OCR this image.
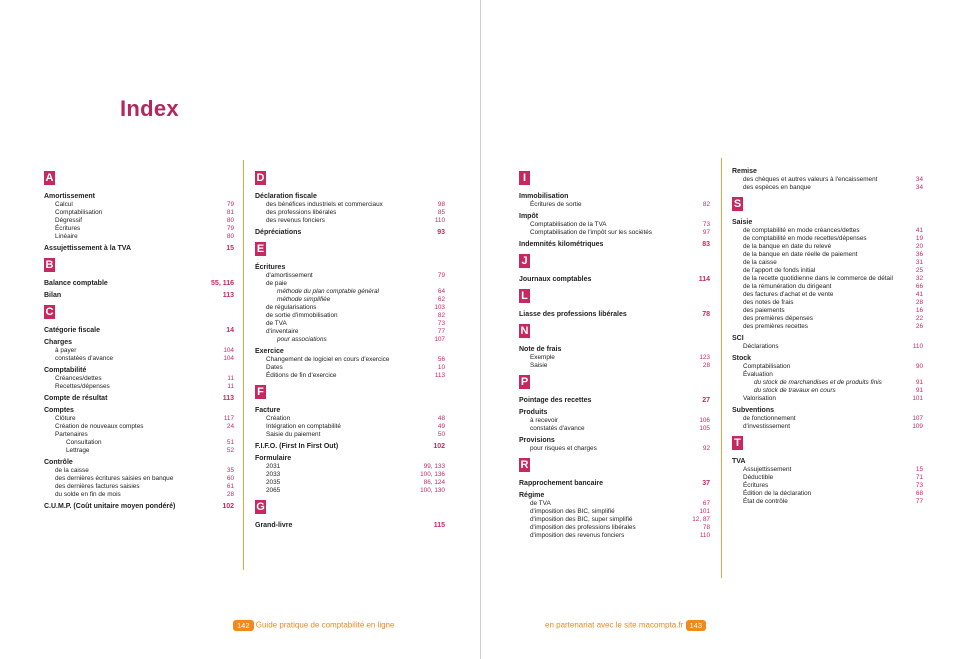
Index
A
Amortissement
Calcul	79
Comptabilisation	81
Dégressif	80
Écritures	79
Linéaire	80
Assujettissement à la TVA	15
B
Balance comptable	55, 116
Bilan	113
C
Catégorie fiscale	14
Charges
à payer	104
constatées d'avance	104
Comptabilité
Créances/dettes	11
Recettes/dépenses	11
Compte de résultat	113
Comptes
Clôture	117
Création de nouveaux comptes	24
Partenaires
Consultation	51
Lettrage	52
Contrôle
de la caisse	35
des dernières écritures saisies en banque	60
des dernières factures saisies	61
du solde en fin de mois	28
C.U.M.P. (Coût unitaire moyen pondéré)	102
D
Déclaration fiscale
des bénéfices industriels et commerciaux	98
des professions libérales	85
des revenus fonciers	110
Dépréciations	93
E
Écritures
d'amortissement	79
de paie
méthode du plan comptable général	64
méthode simplifiée	62
de régularisations	103
de sortie d'immobilisation	82
de TVA	73
d'inventaire	77
pour associations	107
Exercice
Changement de logiciel en cours d'exercice	56
Dates	10
Éditions de fin d'exercice	113
F
Facture
Création	48
Intégration en comptabilité	49
Saisie du paiement	50
F.I.F.O. (First In First Out)	102
Formulaire
2031	99, 133
2033	100, 136
2035	86, 124
2065	100, 130
G
Grand-livre	115
I
Immobilisation
Écritures de sortie	82
Impôt
Comptabilisation de la TVA	73
Comptabilisation de l'impôt sur les sociétés	97
Indemnités kilométriques	83
J
Journaux comptables	114
L
Liasse des professions libérales	78
N
Note de frais
Exemple	123
Saisie	28
P
Pointage des recettes	27
Produits
à recevoir	106
constatés d'avance	105
Provisions
pour risques et charges	92
R
Rapprochement bancaire	37
Régime
de TVA	67
d'imposition des BIC, simplifié	101
d'imposition des BIC, super simplifié	12, 87
d'imposition des professions libérales	78
d'imposition des revenus fonciers	110
Remise
des chèques et autres valeurs à l'encaissement	34
des espèces en banque	34
S
Saisie
de comptabilité en mode créances/dettes	41
de comptabilité en mode recettes/dépenses	19
de la banque en date du relevé	20
de la banque en date réelle de paiement	36
de la caisse	31
de l'apport de fonds initial	25
de la recette quotidienne dans le commerce de détail	32
de la rémunération du dirigeant	66
des factures d'achat et de vente	41
des notes de frais	28
des paiements	16
des premières dépenses	22
des premières recettes	26
SCI
Déclarations	110
Stock
Comptabilisation	90
Évaluation
du stock de marchandises et de produits finis	91
du stock de travaux en cours	91
Valorisation	101
Subventions
de fonctionnement	107
d'investissement	109
T
TVA
Assujettissement	15
Déductible	71
Écritures	73
Édition de la déclaration	68
État de contrôle	77
142 Guide pratique de comptabilité en ligne	en partenariat avec le site macompta.fr 143
